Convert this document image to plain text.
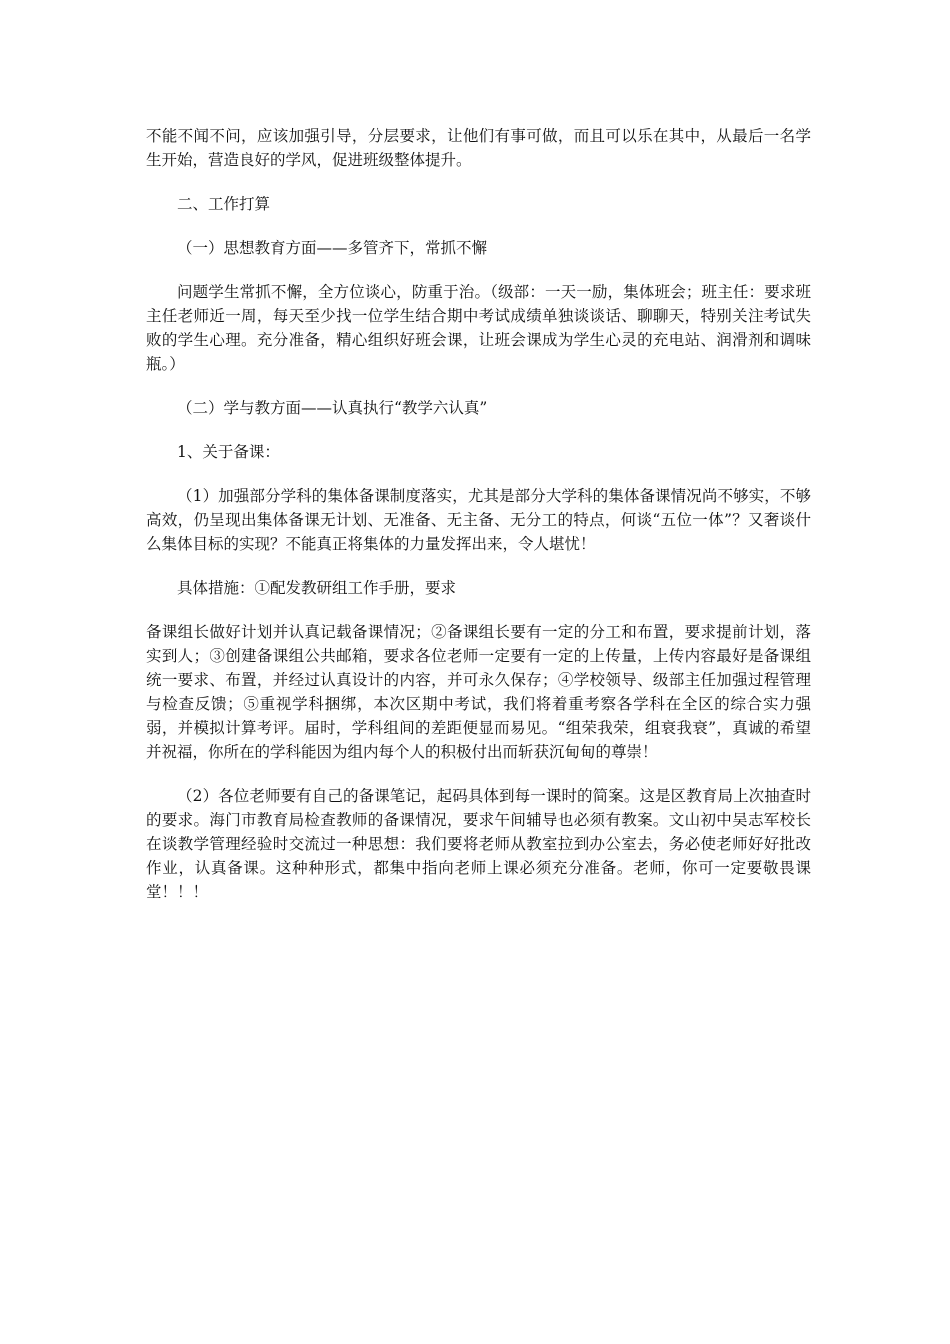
不能不闻不问，应该加强引导，分层要求，让他们有事可做，而且可以乐在其中，从最后一名学生开始，营造良好的学风，促进班级整体提升。

二、工作打算

（一）思想教育方面——多管齐下，常抓不懈

问题学生常抓不懈，全方位谈心，防重于治。（级部：一天一励，集体班会；班主任：要求班主任老师近一周，每天至少找一位学生结合期中考试成绩单独谈谈话、聊聊天，特别关注考试失败的学生心理。充分准备，精心组织好班会课，让班会课成为学生心灵的充电站、润滑剂和调味瓶。）

（二）学与教方面——认真执行“教学六认真”

1、关于备课：

（1）加强部分学科的集体备课制度落实，尤其是部分大学科的集体备课情况尚不够实，不够高效，仍呈现出集体备课无计划、无准备、无主备、无分工的特点，何谈“五位一体”？又奢谈什么集体目标的实现？不能真正将集体的力量发挥出来，令人堪忧！

具体措施：①配发教研组工作手册，要求

备课组长做好计划并认真记载备课情况；②备课组长要有一定的分工和布置，要求提前计划，落实到人；③创建备课组公共邮箱，要求各位老师一定要有一定的上传量，上传内容最好是备课组统一要求、布置，并经过认真设计的内容，并可永久保存；④学校领导、级部主任加强过程管理与检查反馈；⑤重视学科捆绑，本次区期中考试，我们将着重考察各学科在全区的综合实力强弱，并模拟计算考评。届时，学科组间的差距便显而易见。“组荣我荣，组衰我衰”，真诚的希望并祝福，你所在的学科能因为组内每个人的积极付出而斩获沉甸甸的尊崇！

（2）各位老师要有自己的备课笔记，起码具体到每一课时的简案。这是区教育局上次抽查时的要求。海门市教育局检查教师的备课情况，要求午间辅导也必须有教案。文山初中吴志军校长在谈教学管理经验时交流过一种思想：我们要将老师从教室拉到办公室去，务必使老师好好批改作业，认真备课。这种种形式，都集中指向老师上课必须充分准备。老师，你可一定要敬畏课堂！！！
